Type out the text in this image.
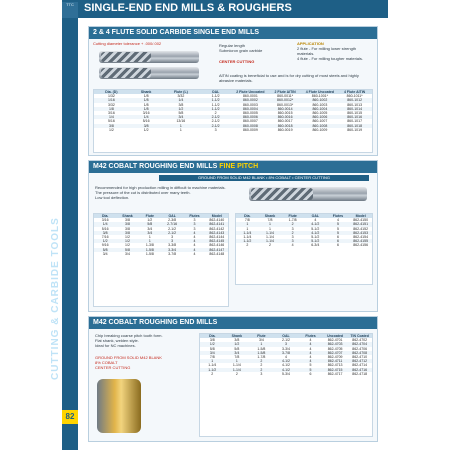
TTC
CUTTING & CARBIDE TOOLS
82
SINGLE-END END MILLS & ROUGHERS
2 & 4 FLUTE SOLID CARBIDE SINGLE END MILLS
Cutting diameter tolerance + .000/.002	Regular length
Submicron grain carbide
CENTER CUTTING
APPLICATION
2 flute - For milling lower strength materials.
4 flute - For milling tougher materials.
AlTiN coating is beneficial to use and is for dry cutting of most steels and highly abrasive materials.
Dia. (D)	Shank	Flute (L)	OAL	2 Flute Uncoated	2 Flute AlTiN	4 Flute Uncoated	4 Flute AlTiN
1/32	1/8	3/32	1-1/2	860-0001	860-0011*	860-1001*	860-1011*
1/16	1/8	1/4	1-1/2	860-0002	860-0012*	860-1002	860-1012
3/32	1/8	3/8	1-1/2	860-0003	860-0013*	860-1003	860-1013
1/8	1/8	1/2	1-1/2	860-0004	860-0014	860-1004	860-1014
3/16	3/16	5/8	2	860-0005	860-0015	860-1005	860-1015
1/4	1/4	3/4	2-1/2	860-0006	860-0016	860-1006	860-1016
5/16	5/16	13/16	2-1/2	860-0007	860-0017	860-1007	860-1017
3/8	3/8	1	2-1/2	860-0008	860-0018	860-1008	860-1018
1/2	1/2	1	3	860-0009	860-0019	860-1009	860-1019
M42 COBALT ROUGHING END MILLS FINE PITCH
GROUND FROM SOLID M42 BLANK • 8% COBALT • CENTER CUTTING
Recommended for high production milling in difficult to machine materials.
The pressure of the cut is distributed over many teeth.
Low tool deflection.
Dia.	Shank	Flute	OAL	Flutes	Model
3/16	3/8	1/2	2-3/8	3	862-4140
1/4	3/8	5/8	2-7/16	3	862-4141
5/16	3/8	3/4	2-1/2	3	862-4142
3/8	3/8	3/4	2-1/2	4	862-4143
7/16	1/2	1	3	4	862-4144
1/2	1/2	1	3	4	862-4145
9/16	1/2	1-3/8	3-3/8	4	862-4146
5/8	5/8	1-5/8	3-3/4	4	862-4147
3/4	3/4	1-5/8	3-7/8	4	862-4148
Dia.	Shank	Flute	OAL	Flutes	Model
7/8	7/8	1-7/8	4	4	862-4150
1	1	2	4-1/2	5	862-4151
1	1	3	5-1/2	5	862-4152
1-1/4	1-1/4	2	4-1/2	5	862-4153
1-1/4	1-1/4	3	5-1/2	6	862-4154
1-1/2	1-1/4	3	5-1/2	6	862-4155
2	2	4	6-3/4	6	862-4156
M42 COBALT ROUGHING END MILLS
Chip breaking coarse pitch tooth form.
Flat shank, welden style.
Ideal for NC machines.
GROUND FROM SOLID M42 BLANK
8% COBALT
CENTER CUTTING
Dia.	Shank	Flute	OAL	Flutes	Uncoated	TiN Coated
3/8	3/8	3/4	2-1/2	4	862-4701	862-4702
1/2	1/2	1	3	4	862-4703	862-4704
5/8	5/8	1-5/8	3-3/4	4	862-4705	862-4706
3/4	3/4	1-5/8	3-7/8	4	862-4707	862-4708
7/8	7/8	1-7/8	4	4	862-4709	862-4710
1	1	2	4-1/2	4	862-4711	862-4712
1-1/4	1-1/4	2	4-1/2	5	862-4713	862-4714
1-1/2	1-1/4	2	4-1/2	5	862-4715	862-4716
2	2	3	5-3/4	6	862-4717	862-4718
